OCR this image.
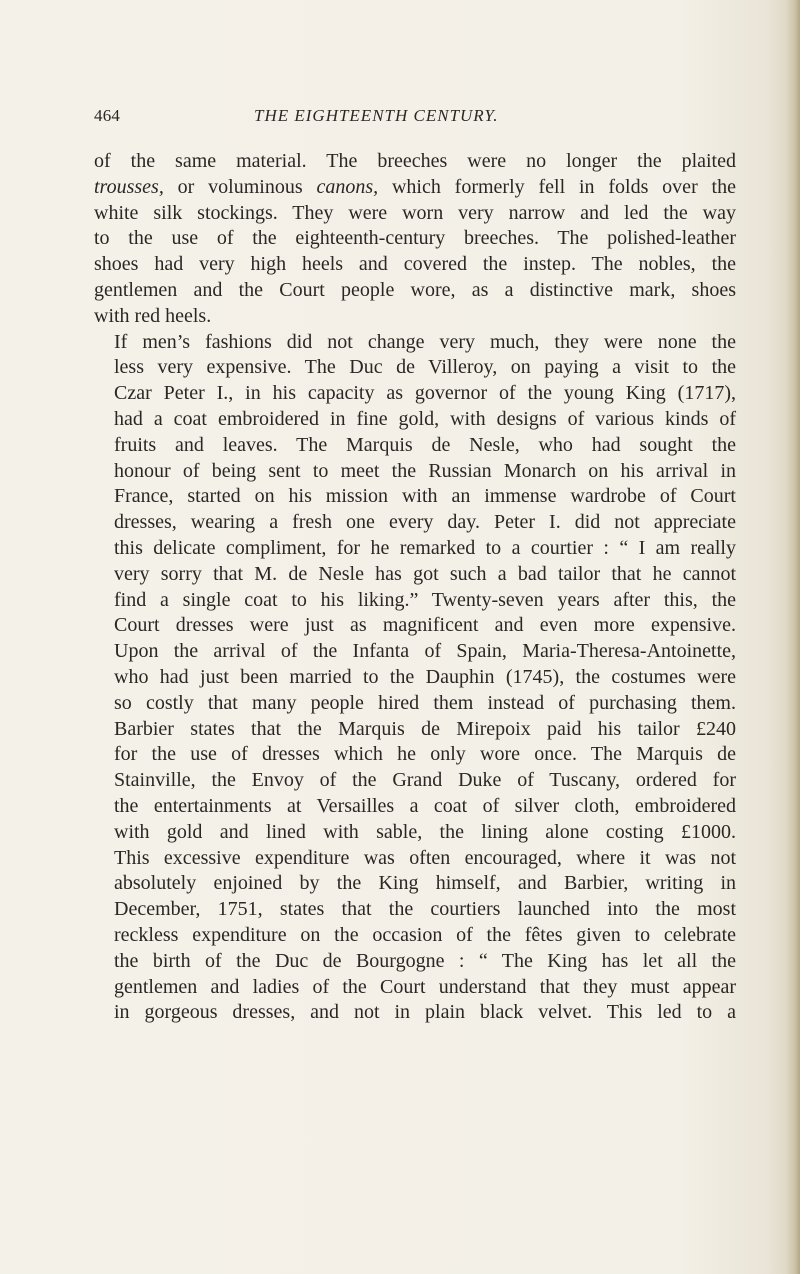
464	THE EIGHTEENTH CENTURY.

of the same material. The breeches were no longer the plaited
trousses, or voluminous canons, which formerly fell in folds over the
white silk stockings. They were worn very narrow and led the way
to the use of the eighteenth-century breeches. The polished-leather
shoes had very high heels and covered the instep. The nobles, the
gentlemen and the Court people wore, as a distinctive mark, shoes
with red heels.

If men’s fashions did not change very much, they were none the
less very expensive. The Duc de Villeroy, on paying a visit to the
Czar Peter I., in his capacity as governor of the young King (1717),
had a coat embroidered in fine gold, with designs of various kinds of
fruits and leaves. The Marquis de Nesle, who had sought the
honour of being sent to meet the Russian Monarch on his arrival in
France, started on his mission with an immense wardrobe of Court
dresses, wearing a fresh one every day. Peter I. did not appreciate
this delicate compliment, for he remarked to a courtier : “ I am really
very sorry that M. de Nesle has got such a bad tailor that he cannot
find a single coat to his liking.” Twenty-seven years after this, the
Court dresses were just as magnificent and even more expensive.
Upon the arrival of the Infanta of Spain, Maria-Theresa-Antoinette,
who had just been married to the Dauphin (1745), the costumes were
so costly that many people hired them instead of purchasing them.
Barbier states that the Marquis de Mirepoix paid his tailor £240
for the use of dresses which he only wore once. The Marquis de
Stainville, the Envoy of the Grand Duke of Tuscany, ordered for
the entertainments at Versailles a coat of silver cloth, embroidered
with gold and lined with sable, the lining alone costing £1000.
This excessive expenditure was often encouraged, where it was not
absolutely enjoined by the King himself, and Barbier, writing in
December, 1751, states that the courtiers launched into the most
reckless expenditure on the occasion of the fêtes given to celebrate
the birth of the Duc de Bourgogne : “ The King has let all the
gentlemen and ladies of the Court understand that they must appear
in gorgeous dresses, and not in plain black velvet. This led to a
